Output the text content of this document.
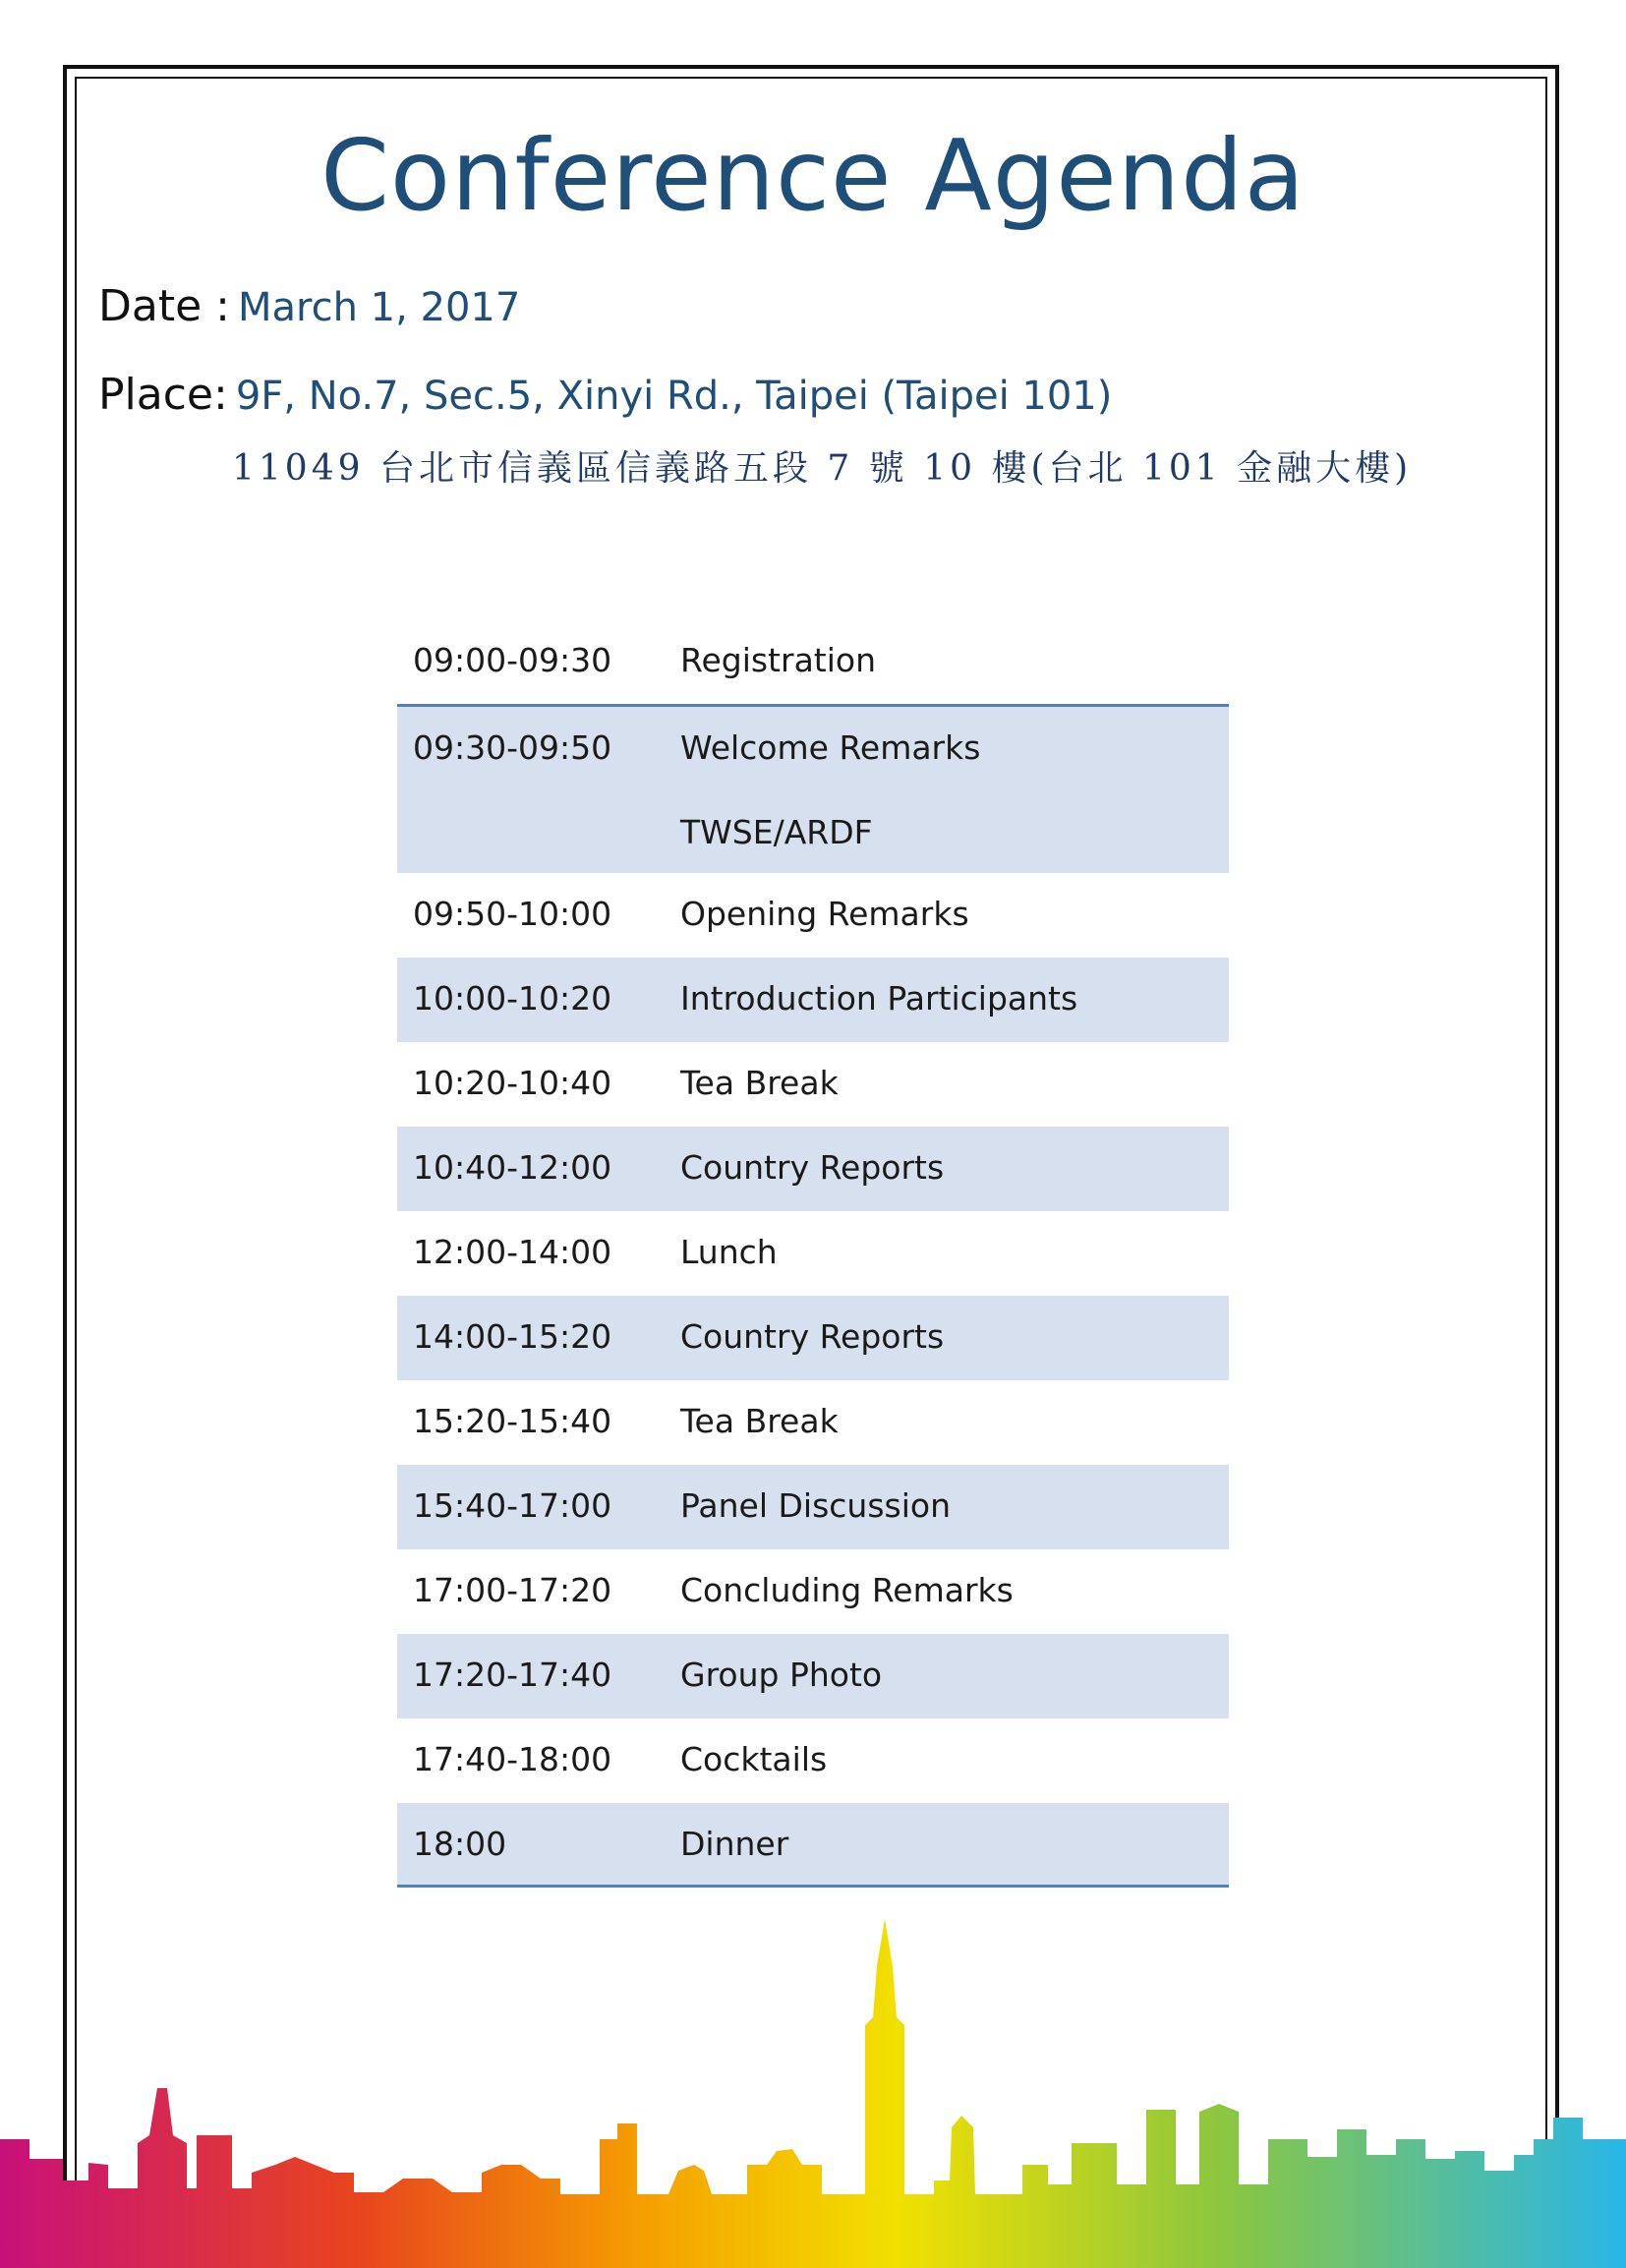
Conference Agenda
Date : March 1, 2017
Place: 9F, No.7, Sec.5, Xinyi Rd., Taipei (Taipei 101)
11049 台北市信義區信義路五段 7 號 10 樓(台北 101 金融大樓)
09:00-09:30 Registration
09:30-09:50 Welcome Remarks
TWSE/ARDF
09:50-10:00 Opening Remarks
10:00-10:20 Introduction Participants
10:20-10:40 Tea Break
10:40-12:00 Country Reports
12:00-14:00 Lunch
14:00-15:20 Country Reports
15:20-15:40 Tea Break
15:40-17:00 Panel Discussion
17:00-17:20 Concluding Remarks
17:20-17:40 Group Photo
17:40-18:00 Cocktails
18:00	Dinner
